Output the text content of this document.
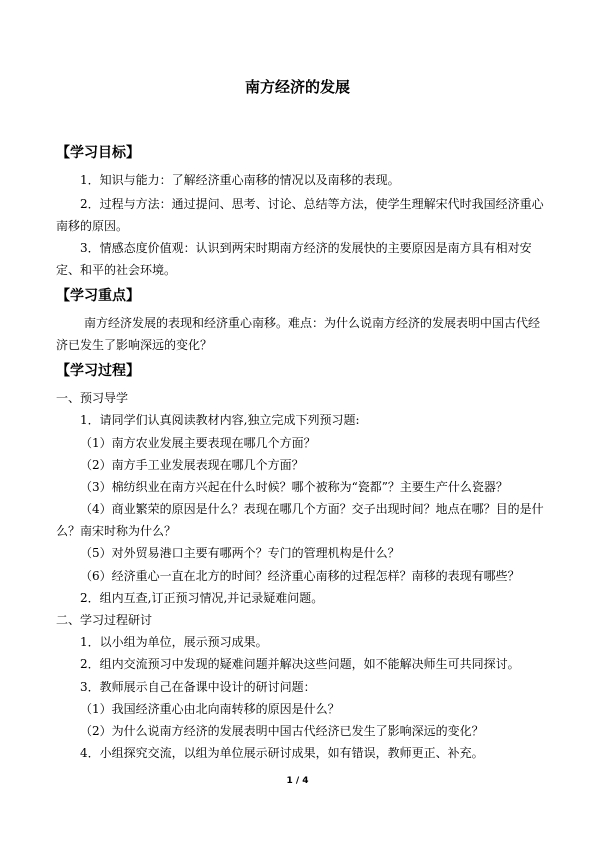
南方经济的发展
【学习目标】
1．知识与能力：了解经济重心南移的情况以及南移的表现。
2．过程与方法：通过提问、思考、讨论、总结等方法，使学生理解宋代时我国经济重心
南移的原因。
3．情感态度价值观：认识到两宋时期南方经济的发展快的主要原因是南方具有相对安
定、和平的社会环境。
【学习重点】
南方经济发展的表现和经济重心南移。难点：为什么说南方经济的发展表明中国古代经
济已发生了影响深远的变化？
【学习过程】
一、预习导学
1．请同学们认真阅读教材内容,独立完成下列预习题:
（1）南方农业发展主要表现在哪几个方面？
（2）南方手工业发展表现在哪几个方面？
（3）棉纺织业在南方兴起在什么时候？哪个被称为“瓷都”？主要生产什么瓷器？
（4）商业繁荣的原因是什么？表现在哪几个方面？交子出现时间？地点在哪？目的是什
么？南宋时称为什么？
（5）对外贸易港口主要有哪两个？专门的管理机构是什么？
（6）经济重心一直在北方的时间？经济重心南移的过程怎样？南移的表现有哪些？
2．组内互查,订正预习情况,并记录疑难问题。
二、学习过程研讨
1．以小组为单位，展示预习成果。
2．组内交流预习中发现的疑难问题并解决这些问题，如不能解决师生可共同探讨。
3．教师展示自己在备课中设计的研讨问题：
（1）我国经济重心由北向南转移的原因是什么？
（2）为什么说南方经济的发展表明中国古代经济已发生了影响深远的变化？
4．小组探究交流，以组为单位展示研讨成果，如有错误，教师更正、补充。
1 / 4
